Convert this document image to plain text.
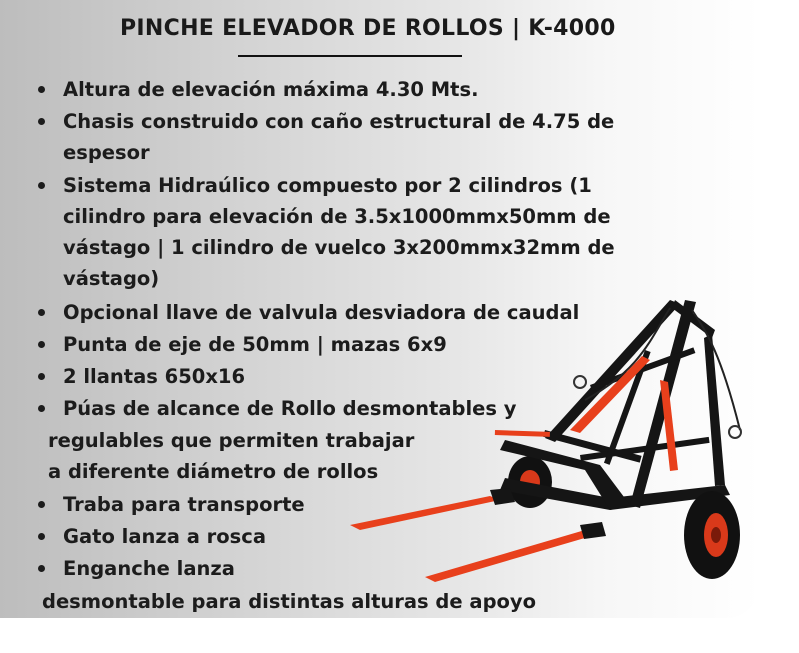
PINCHE ELEVADOR DE ROLLOS | K-4000
Altura de elevación máxima 4.30 Mts.
Chasis construido con caño estructural de 4.75 de
espesor
Sistema Hidraúlico compuesto por 2 cilindros (1
cilindro para elevación de 3.5x1000mmx50mm de
vástago | 1 cilindro de vuelco 3x200mmx32mm de
vástago)
Opcional llave de valvula desviadora de caudal
Punta de eje de 50mm | mazas 6x9
2 llantas 650x16
Púas de alcance de Rollo desmontables y
regulables que permiten trabajar
a diferente diámetro de rollos
Traba para transporte
Gato lanza a rosca
Enganche lanza
desmontable para distintas alturas de apoyo
